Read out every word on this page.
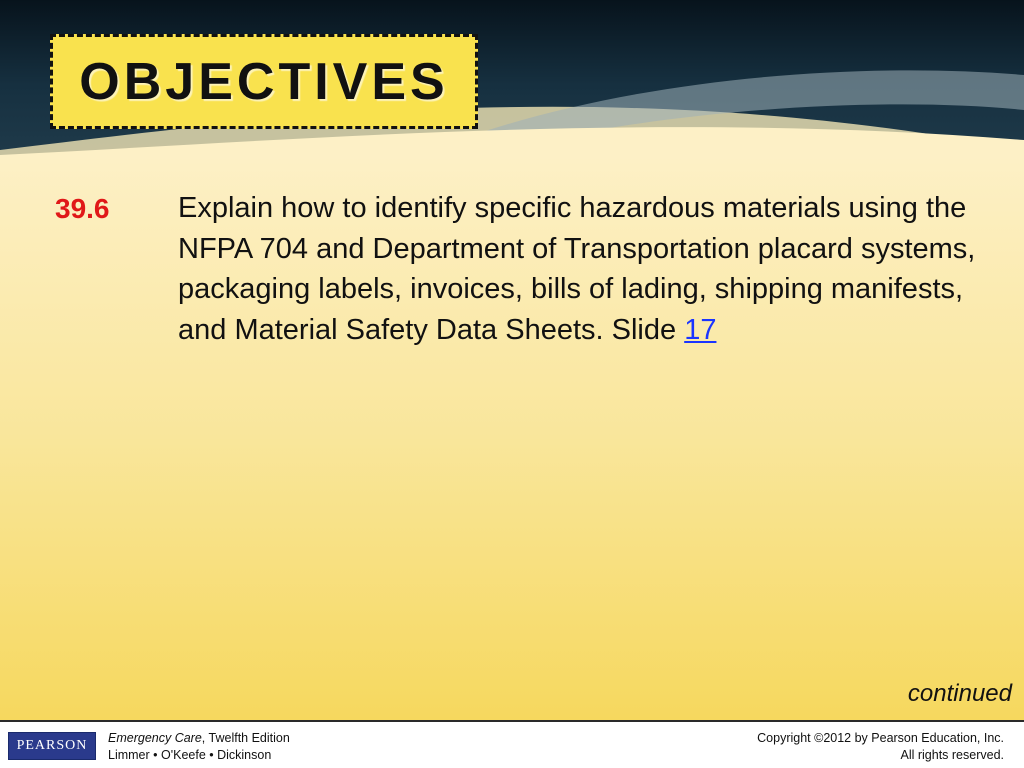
OBJECTIVES
39.6 Explain how to identify specific hazardous materials using the NFPA 704 and Department of Transportation placard systems, packaging labels, invoices, bills of lading, shipping manifests, and Material Safety Data Sheets. Slide 17
continued
PEARSON	Emergency Care, Twelfth Edition
Limmer • O'Keefe • Dickinson
Copyright ©2012 by Pearson Education, Inc.
All rights reserved.
